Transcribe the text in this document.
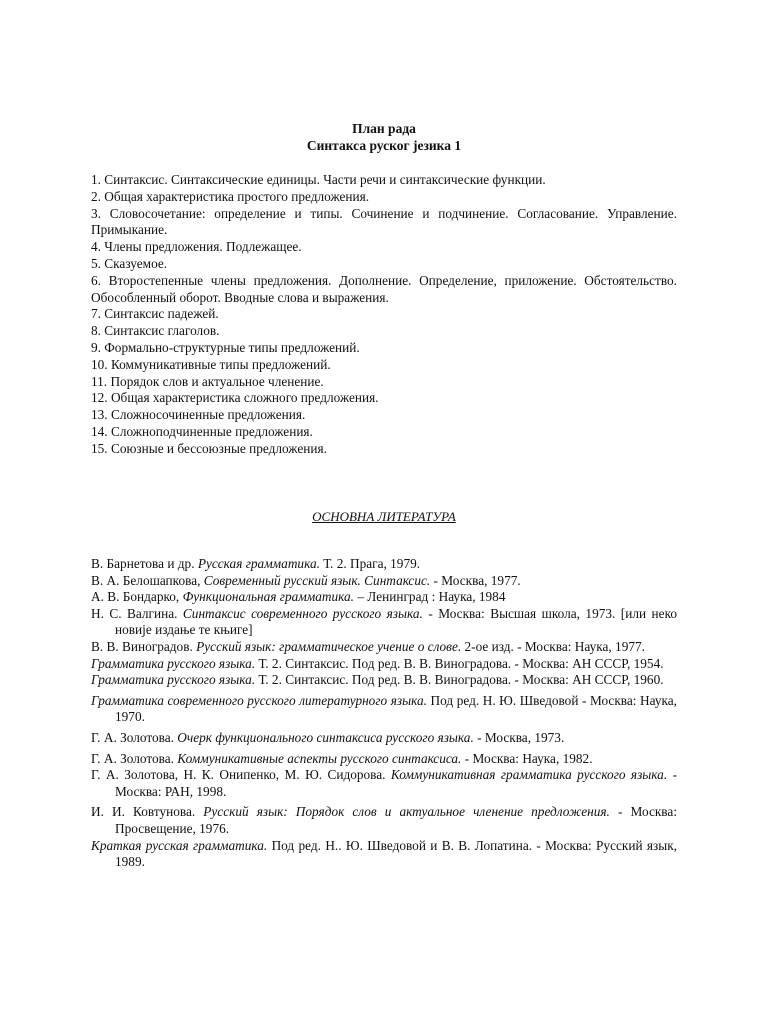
План рада
Синтакса руског језика 1

1. Синтаксис. Синтаксические единицы. Части речи и синтаксические функции.

2. Общая характеристика простого предложения.

3. Словосочетание: определение и типы. Сочинение и подчинение. Согласование. Управление. Примыкание.

4. Члены предложения. Подлежащее.

5. Сказуемое.

6. Второстепенные члены предложения. Дополнение. Определение, приложение. Обстоятельство. Обособленный оборот. Вводные слова и выражения.

7. Синтаксис падежей.

8. Синтаксис глаголов.

9. Формально-структурные типы предложений.

10. Коммуникативные типы предложений.

11. Порядок слов и актуальное членение.

12. Общая характеристика сложного предложения.

13. Сложносочиненные предложения.

14. Сложноподчиненные предложения.

15. Союзные и бессоюзные предложения.

ОСНОВНА ЛИТЕРАТУРА

В. Барнетова и др. Русская грамматика. Т. 2. Прага, 1979.

В. А. Белошапкова, Современный русский язык. Синтаксис. - Москва, 1977.

А. В. Бондарко, Функциональная грамматика. – Ленинград : Наука, 1984

Н. С. Валгина. Синтаксис современного русского языка. - Москва: Высшая школа, 1973. [или неко новије издање те књиге]

В. В. Виноградов. Русский язык: грамматическое учение о слове. 2-ое изд. - Москва: Наука, 1977.

Грамматика русского языка. Т. 2. Синтаксис. Под ред. В. В. Виноградова. - Москва: АН СССР, 1954.

Грамматика русского языка. Т. 2. Синтаксис. Под ред. В. В. Виноградова. - Москва: АН СССР, 1960.

Грамматика современного русского литературного языка. Под ред. Н. Ю. Шведовой - Москва: Наука, 1970.

Г. А. Золотова. Очерк функционального синтаксиса русского языка. - Москва, 1973.

Г. А. Золотова. Коммуникативные аспекты русского синтаксиса. - Москва: Наука, 1982.

Г. А. Золотова, Н. К. Онипенко, М. Ю. Сидорова. Коммуникативная грамматика русского языка. - Москва: РАН, 1998.

И. И. Ковтунова. Русский язык: Порядок слов и актуальное членение предложения. - Москва: Просвещение, 1976.

Краткая русская грамматика. Под ред. Н.. Ю. Шведовой и В. В. Лопатина. - Москва: Русский язык, 1989.
